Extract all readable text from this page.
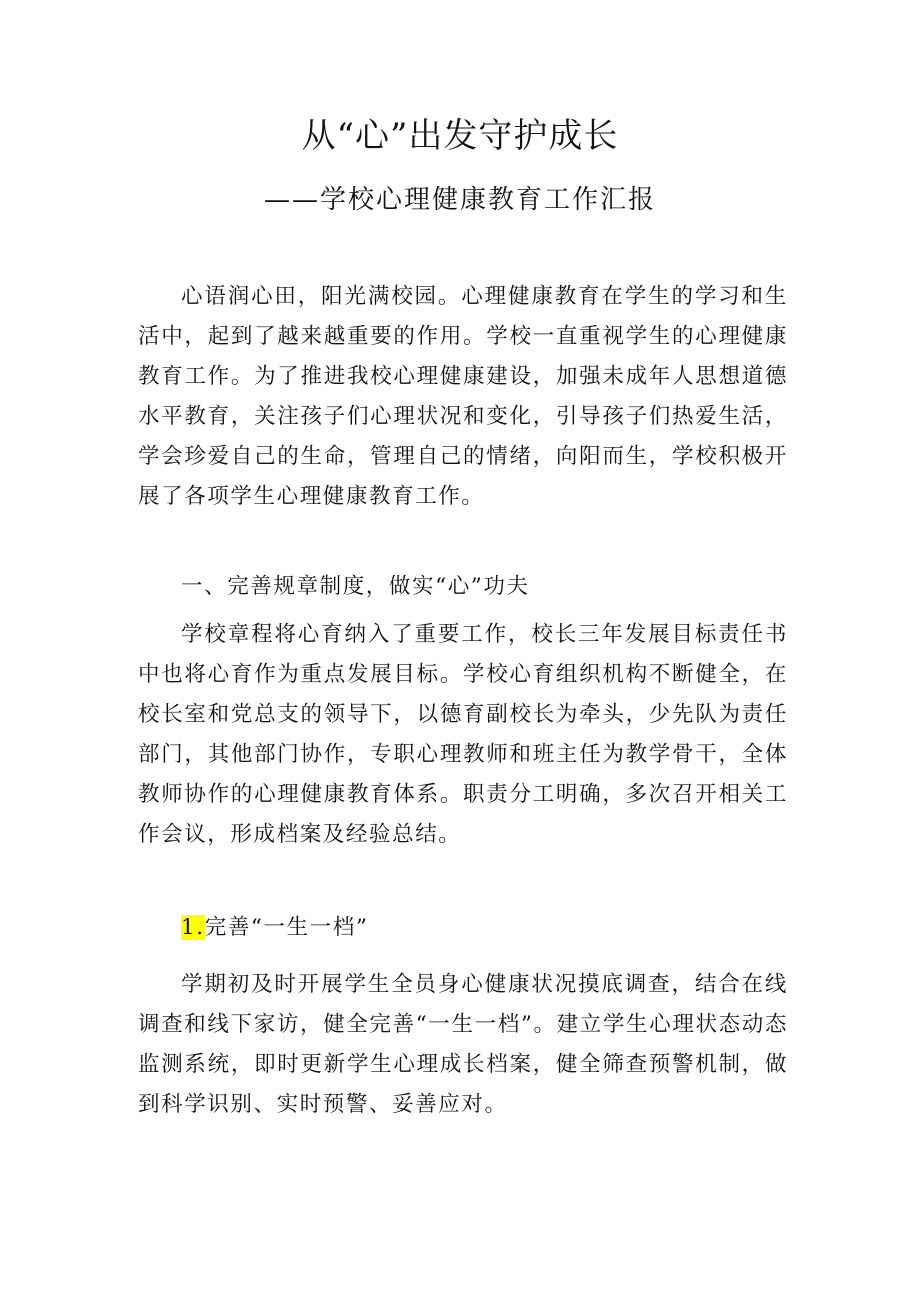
从“心”出发守护成长
——学校心理健康教育工作汇报

心语润心田，阳光满校园。心理健康教育在学生的学习和生活中，起到了越来越重要的作用。学校一直重视学生的心理健康教育工作。为了推进我校心理健康建设，加强未成年人思想道德水平教育，关注孩子们心理状况和变化，引导孩子们热爱生活，学会珍爱自己的生命，管理自己的情绪，向阳而生，学校积极开展了各项学生心理健康教育工作。

一、完善规章制度，做实“心”功夫

学校章程将心育纳入了重要工作，校长三年发展目标责任书中也将心育作为重点发展目标。学校心育组织机构不断健全，在校长室和党总支的领导下，以德育副校长为牵头，少先队为责任部门，其他部门协作，专职心理教师和班主任为教学骨干，全体教师协作的心理健康教育体系。职责分工明确，多次召开相关工作会议，形成档案及经验总结。

1.完善“一生一档”

学期初及时开展学生全员身心健康状况摸底调查，结合在线调查和线下家访，健全完善“一生一档”。建立学生心理状态动态监测系统，即时更新学生心理成长档案，健全筛查预警机制，做到科学识别、实时预警、妥善应对。
